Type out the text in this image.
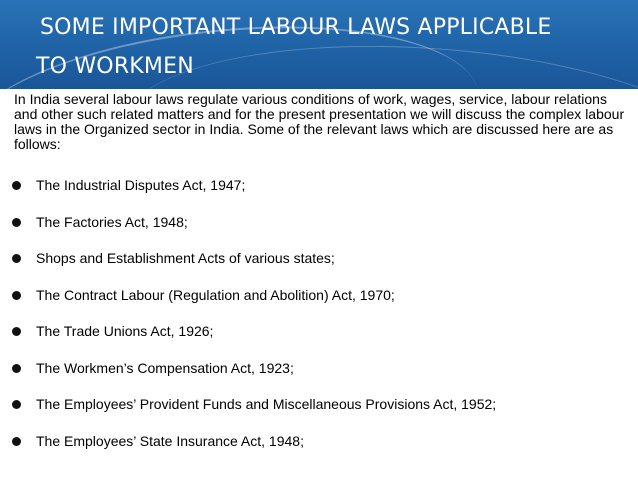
SOME IMPORTANT LABOUR LAWS APPLICABLE
TO WORKMEN

In India several labour laws regulate various conditions of work, wages, service, labour relations and other such related matters and for the present presentation we will discuss the complex labour laws in the Organized sector in India. Some of the relevant laws which are discussed here are as follows:

The Industrial Disputes Act, 1947;
The Factories Act, 1948;
Shops and Establishment Acts of various states;
The Contract Labour (Regulation and Abolition) Act, 1970;
The Trade Unions Act, 1926;
The Workmen’s Compensation Act, 1923;
The Employees’ Provident Funds and Miscellaneous Provisions Act, 1952;
The Employees’ State Insurance Act, 1948;
